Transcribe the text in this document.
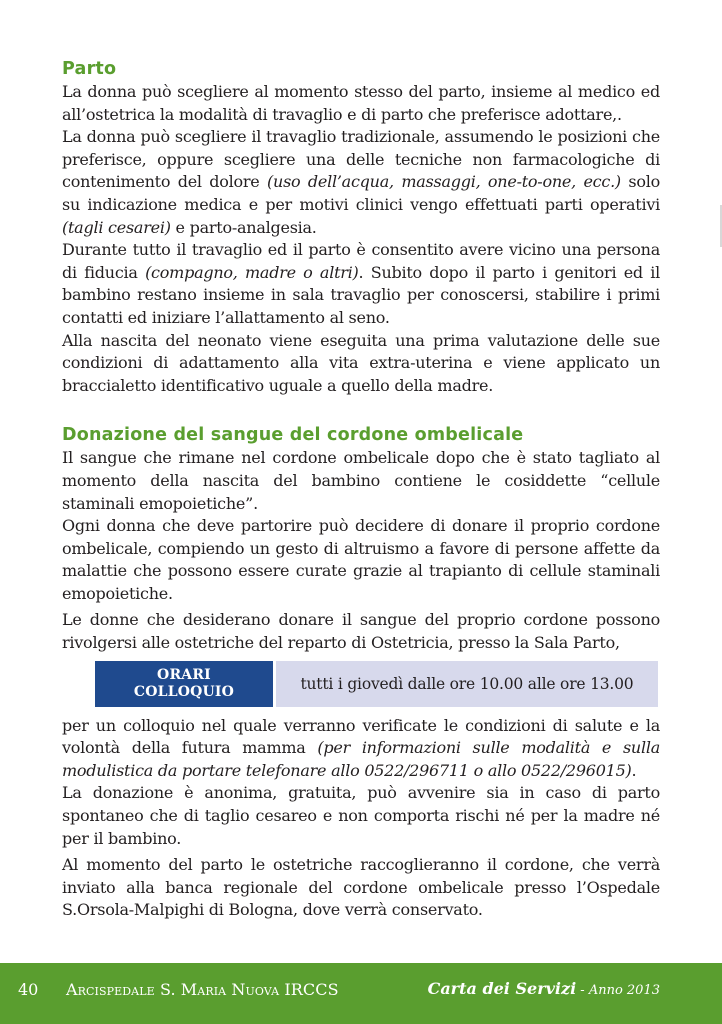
Parto

La donna può scegliere al momento stesso del parto, insieme al medico ed all’ostetrica la modalità di travaglio e di parto che preferisce adottare,.

La donna può scegliere il travaglio tradizionale, assumendo le posizioni che preferisce, oppure scegliere una delle tecniche non farmacologiche di contenimento del dolore (uso dell’acqua, massaggi, one-to-one, ecc.) solo su indicazione medica e per motivi clinici vengo effettuati parti operativi (tagli cesarei) e parto-analgesia.

Durante tutto il travaglio ed il parto è consentito avere vicino una persona di fiducia (compagno, madre o altri). Subito dopo il parto i genitori ed il bambino restano insieme in sala travaglio per conoscersi, stabilire i primi contatti ed iniziare l’allattamento al seno.

Alla nascita del neonato viene eseguita una prima valutazione delle sue condizioni di adattamento alla vita extra-uterina e viene applicato un braccialetto identificativo uguale a quello della madre.

Donazione del sangue del cordone ombelicale

Il sangue che rimane nel cordone ombelicale dopo che è stato tagliato al momento della nascita del bambino contiene le cosiddette “cellule staminali emopoietiche”.

Ogni donna che deve partorire può decidere di donare il proprio cordone ombelicale, compiendo un gesto di altruismo a favore di persone affette da malattie che possono essere curate grazie al trapianto di cellule staminali emopoietiche.

Le donne che desiderano donare il sangue del proprio cordone possono rivolgersi alle ostetriche del reparto di Ostetricia, presso la Sala Parto,

ORARI
COLLOQUIO	tutti i giovedì dalle ore 10.00 alle ore 13.00

per un colloquio nel quale verranno verificate le condizioni di salute e la volontà della futura mamma (per informazioni sulle modalità e sulla modulistica da portare telefonare allo 0522/296711 o allo 0522/296015).

La donazione è anonima, gratuita, può avvenire sia in caso di parto spontaneo che di taglio cesareo e non comporta rischi né per la madre né per il bambino.

Al momento del parto le ostetriche raccoglieranno il cordone, che verrà inviato alla banca regionale del cordone ombelicale presso l’Ospedale S.Orsola-Malpighi di Bologna, dove verrà conservato.

40 Arcispedale S. Maria Nuova IRCCS	Carta dei Servizi - Anno 2013
